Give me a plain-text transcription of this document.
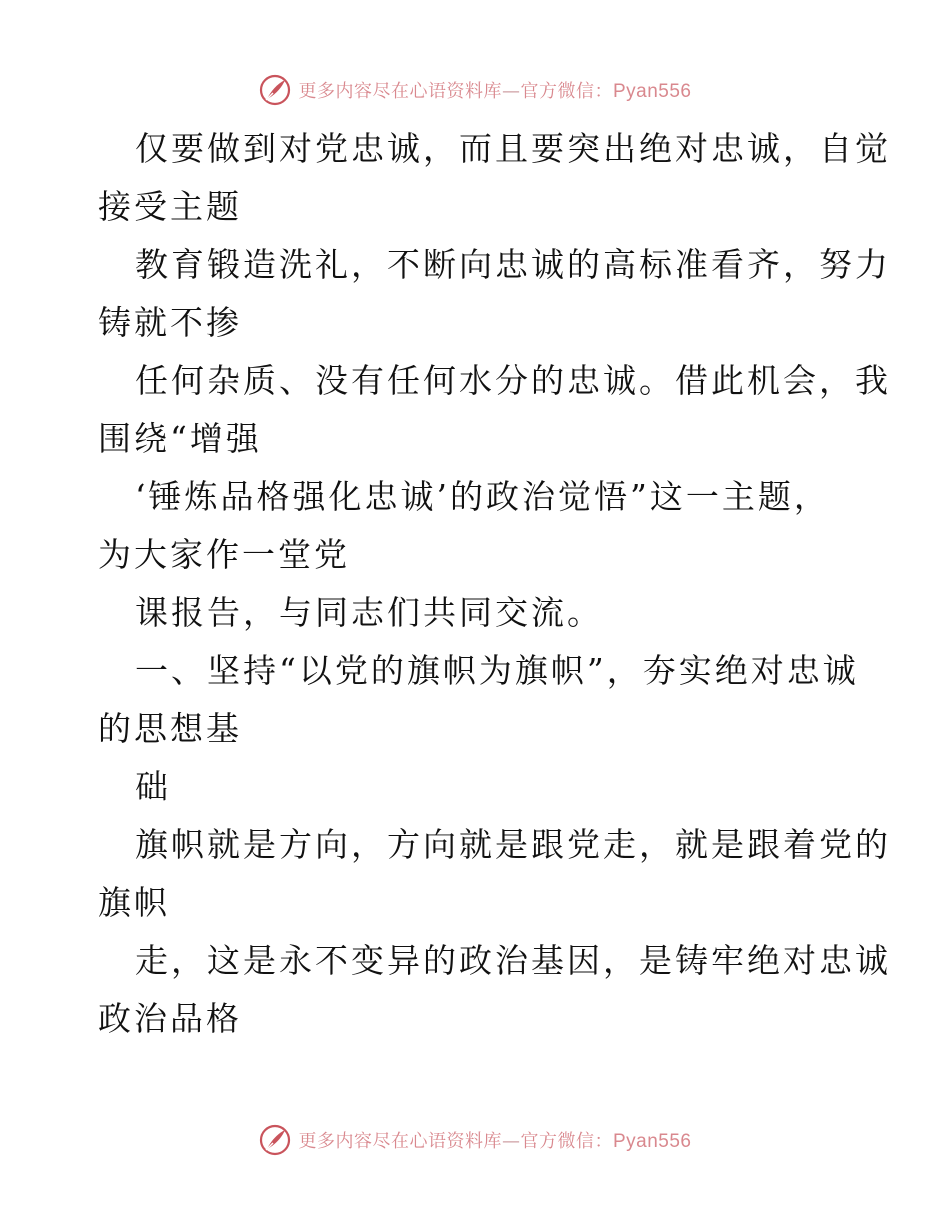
更多内容尽在心语资料库—官方微信：Pyan556
仅要做到对党忠诚，而且要突出绝对忠诚，自觉
接受主题
教育锻造洗礼，不断向忠诚的高标准看齐，努力
铸就不掺
任何杂质、没有任何水分的忠诚。借此机会，我
围绕“增强
‘锤炼品格强化忠诚’的政治觉悟”这一主题，
为大家作一堂党
课报告，与同志们共同交流。
一、坚持“以党的旗帜为旗帜”，夯实绝对忠诚
的思想基
础
旗帜就是方向，方向就是跟党走，就是跟着党的
旗帜
走，这是永不变异的政治基因，是铸牢绝对忠诚
政治品格
更多内容尽在心语资料库—官方微信：Pyan556
